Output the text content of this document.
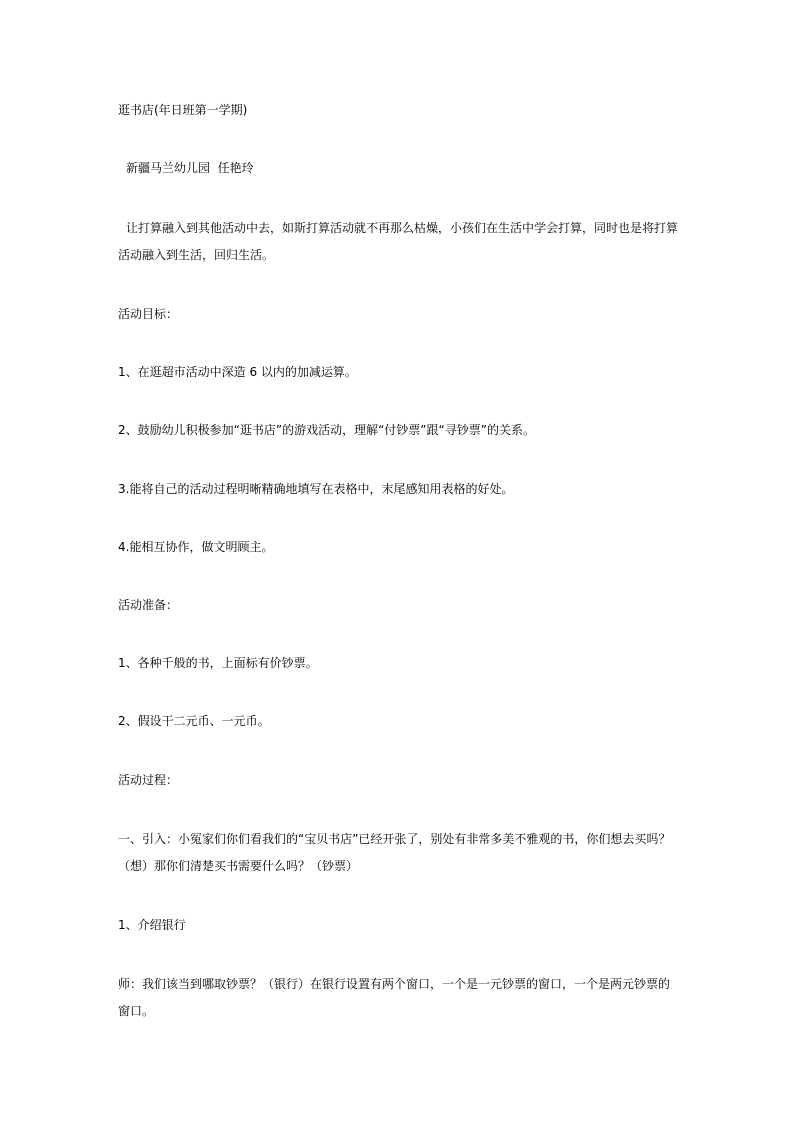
逛书店(年日班第一学期)

新疆马兰幼儿园  任艳玲

让打算融入到其他活动中去，如斯打算活动就不再那么枯燥，小孩们在生活中学会打算，同时也是将打算活动融入到生活，回归生活。

活动目标：

1、在逛超市活动中深造 6 以内的加减运算。

2、鼓励幼儿积极参加“逛书店”的游戏活动，理解“付钞票”跟“寻钞票”的关系。

3.能将自己的活动过程明晰精确地填写在表格中，末尾感知用表格的好处。

4.能相互协作，做文明顾主。

活动准备：

1、各种千般的书，上面标有价钞票。

2、假设干二元币、一元币。

活动过程：

一、引入：小冤家们你们看我们的“宝贝书店”已经开张了，别处有非常多美不雅观的书，你们想去买吗？（想）那你们清楚买书需要什么吗？（钞票）

1、介绍银行

师：我们该当到哪取钞票？（银行）在银行设置有两个窗口，一个是一元钞票的窗口，一个是两元钞票的窗口。
